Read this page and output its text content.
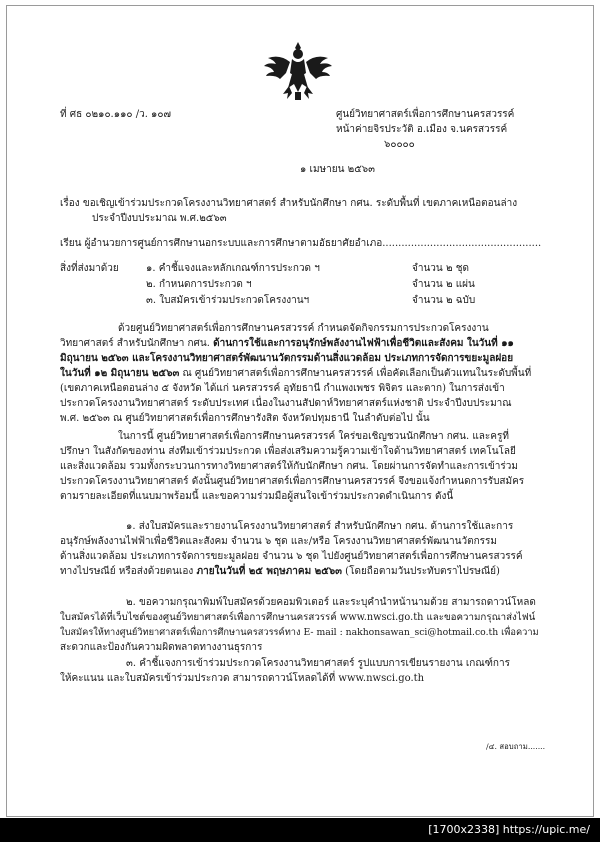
ที่ ศธ ๐๒๑๐.๑๑๐ /ว. ๑๐๗	ศูนย์วิทยาศาสตร์เพื่อการศึกษานครสวรรค์
หน้าค่ายจิรประวัติ อ.เมือง จ.นครสวรรค์
๖๐๐๐๐
๑ เมษายน ๒๕๖๓
เรื่อง ขอเชิญเข้าร่วมประกวดโครงงานวิทยาศาสตร์ สำหรับนักศึกษา กศน. ระดับพื้นที่ เขตภาคเหนือตอนล่าง
ประจำปีงบประมาณ พ.ศ.๒๕๖๓
เรียน ผู้อำนวยการศูนย์การศึกษานอกระบบและการศึกษาตามอัธยาศัยอำเภอ..................................................
สิ่งที่ส่งมาด้วย	๑. คำชี้แจงและหลักเกณฑ์การประกวด ฯ	จำนวน ๒ ชุด
๒. กำหนดการประกวด ฯ	จำนวน ๒ แผ่น
๓. ใบสมัครเข้าร่วมประกวดโครงงานฯ	จำนวน ๒ ฉบับ
ด้วยศูนย์วิทยาศาสตร์เพื่อการศึกษานครสวรรค์ กำหนดจัดกิจกรรมการประกวดโครงงาน
วิทยาศาสตร์ สำหรับนักศึกษา กศน. ด้านการใช้และการอนุรักษ์พลังงานไฟฟ้าเพื่อชีวิตและสังคม ในวันที่ ๑๑
มิถุนายน ๒๕๖๓ และโครงงานวิทยาศาสตร์พัฒนานวัตกรรมด้านสิ่งแวดล้อม ประเภทการจัดการขยะมูลฝอย
ในวันที่ ๑๒ มิถุนายน ๒๕๖๓ ณ ศูนย์วิทยาศาสตร์เพื่อการศึกษานครสวรรค์ เพื่อคัดเลือกเป็นตัวแทนในระดับพื้นที่
(เขตภาคเหนือตอนล่าง ๕ จังหวัด ได้แก่ นครสวรรค์ อุทัยธานี กำแพงเพชร พิจิตร และตาก) ในการส่งเข้า
ประกวดโครงงานวิทยาศาสตร์ ระดับประเทศ เนื่องในงานสัปดาห์วิทยาศาสตร์แห่งชาติ ประจำปีงบประมาณ
พ.ศ. ๒๕๖๓ ณ ศูนย์วิทยาศาสตร์เพื่อการศึกษารังสิต จังหวัดปทุมธานี ในลำดับต่อไป นั้น
ในการนี้ ศูนย์วิทยาศาสตร์เพื่อการศึกษานครสวรรค์ ใคร่ขอเชิญชวนนักศึกษา กศน. และครูที่
ปรึกษา ในสังกัดของท่าน ส่งทีมเข้าร่วมประกวด เพื่อส่งเสริมความรู้ความเข้าใจด้านวิทยาศาสตร์ เทคโนโลยี
และสิ่งแวดล้อม รวมทั้งกระบวนการทางวิทยาศาสตร์ให้กับนักศึกษา กศน. โดยผ่านการจัดทำและการเข้าร่วม
ประกวดโครงงานวิทยาศาสตร์ ดังนั้นศูนย์วิทยาศาสตร์เพื่อการศึกษานครสวรรค์ จึงขอแจ้งกำหนดการรับสมัคร
ตามรายละเอียดที่แนบมาพร้อมนี้ และขอความร่วมมือผู้สนใจเข้าร่วมประกวดดำเนินการ ดังนี้
๑. ส่งใบสมัครและรายงานโครงงานวิทยาศาสตร์ สำหรับนักศึกษา กศน. ด้านการใช้และการ
อนุรักษ์พลังงานไฟฟ้าเพื่อชีวิตและสังคม จำนวน ๖ ชุด และ/หรือ โครงงานวิทยาศาสตร์พัฒนานวัตกรรม
ด้านสิ่งแวดล้อม ประเภทการจัดการขยะมูลฝอย จำนวน ๖ ชุด ไปยังศูนย์วิทยาศาสตร์เพื่อการศึกษานครสวรรค์
ทางไปรษณีย์ หรือส่งด้วยตนเอง ภายในวันที่ ๒๕ พฤษภาคม ๒๕๖๓ (โดยถือตามวันประทับตราไปรษณีย์)
๒. ขอความกรุณาพิมพ์ใบสมัครด้วยคอมพิวเตอร์ และระบุคำนำหน้านามด้วย สามารถดาวน์โหลด
ใบสมัครได้ที่เว็บไซต์ของศูนย์วิทยาศาสตร์เพื่อการศึกษานครสวรรค์ www.nwsci.go.th และขอความกรุณาส่งไฟน์
ใบสมัครให้ทางศูนย์วิทยาศาสตร์เพื่อการศึกษานครสวรรค์ทาง E- mail : nakhonsawan_sci@hotmail.co.th เพื่อความ
สะดวกและป้องกันความผิดพลาดทางงานธุรการ
๓. คำชี้แจงการเข้าร่วมประกวดโครงงานวิทยาศาสตร์ รูปแบบการเขียนรายงาน เกณฑ์การ
ให้คะแนน และใบสมัครเข้าร่วมประกวด สามารถดาวน์โหลดได้ที่ www.nwsci.go.th
/๔. สอบถาม.......
[1700x2338] https://upic.me/
